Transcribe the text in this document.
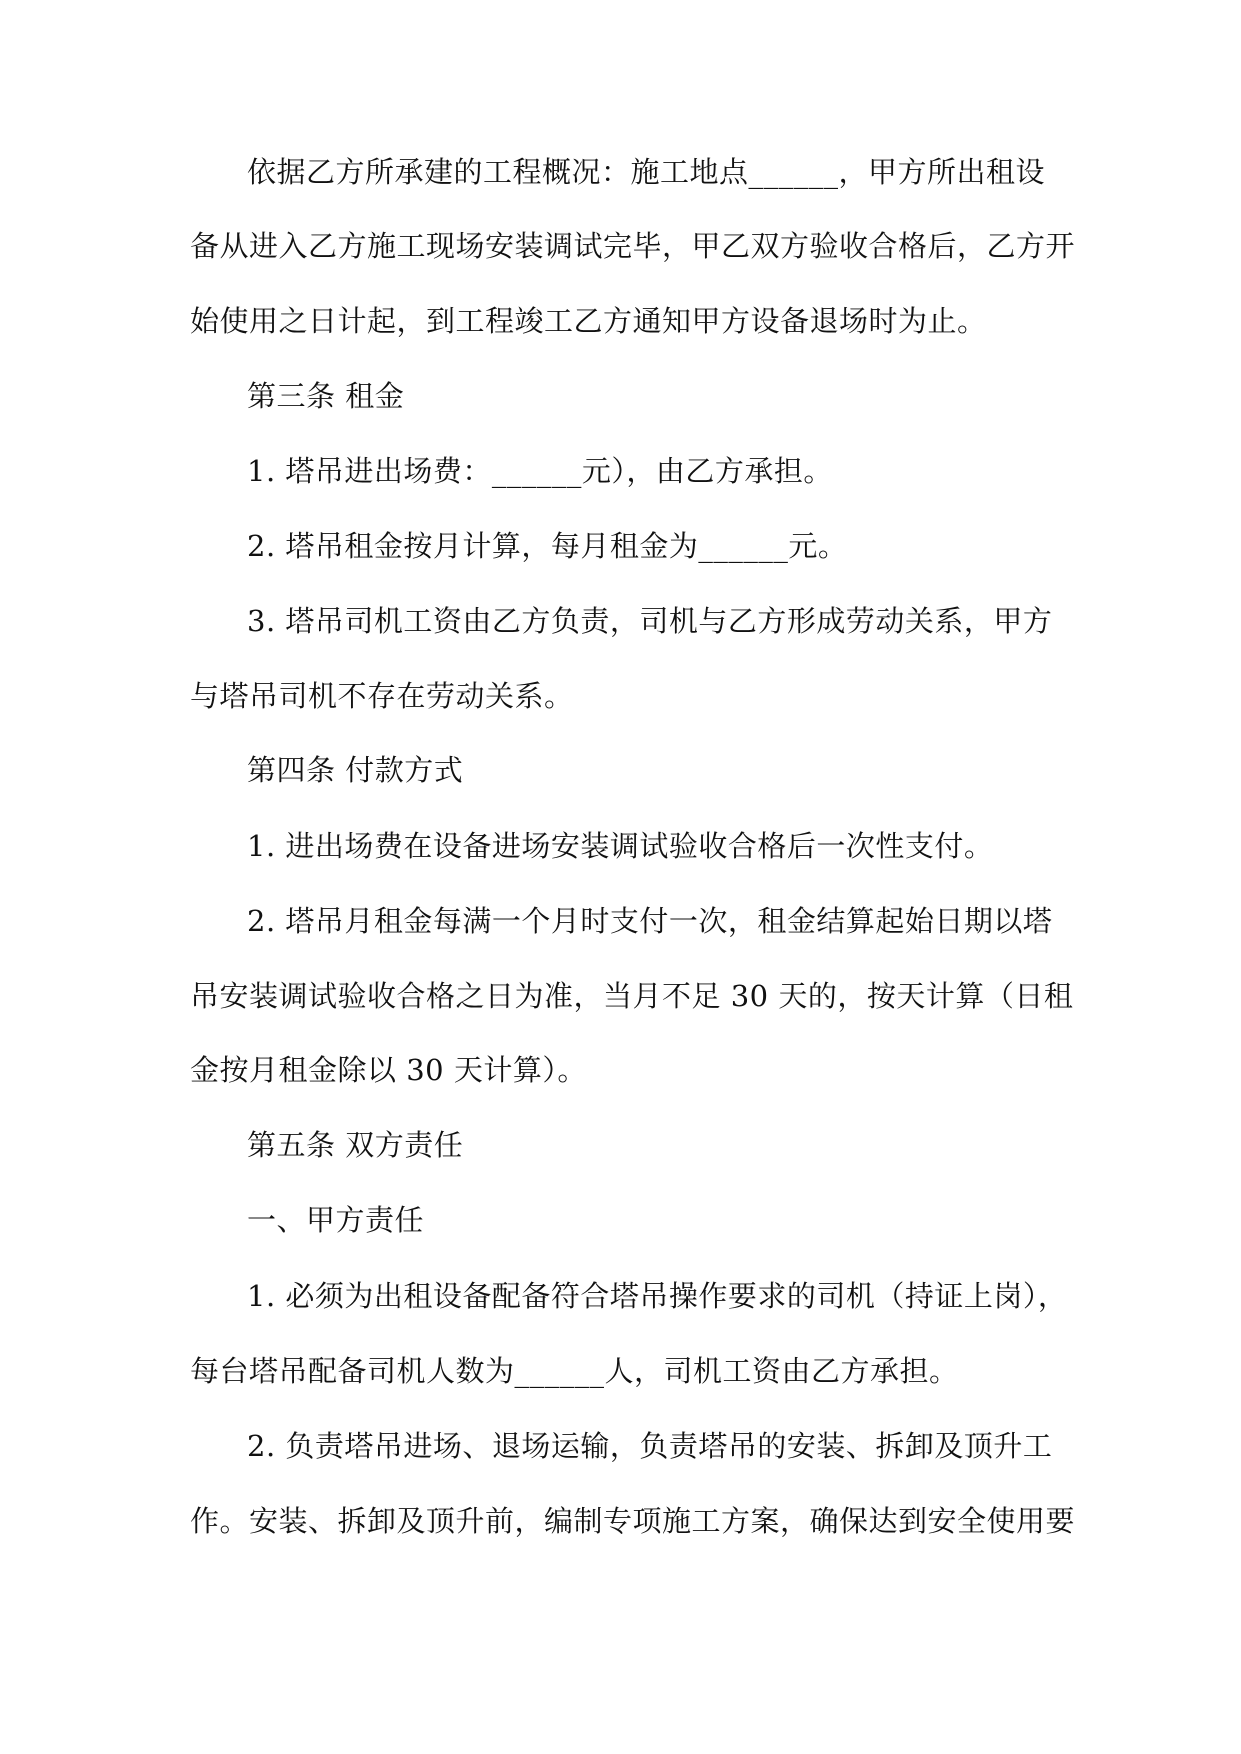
依据乙方所承建的工程概况：施工地点______，甲方所出租设
备从进入乙方施工现场安装调试完毕，甲乙双方验收合格后，乙方开
始使用之日计起，到工程竣工乙方通知甲方设备退场时为止。
第三条 租金
1. 塔吊进出场费：______元），由乙方承担。
2. 塔吊租金按月计算，每月租金为______元。
3. 塔吊司机工资由乙方负责，司机与乙方形成劳动关系，甲方
与塔吊司机不存在劳动关系。
第四条 付款方式
1. 进出场费在设备进场安装调试验收合格后一次性支付。
2. 塔吊月租金每满一个月时支付一次，租金结算起始日期以塔
吊安装调试验收合格之日为准，当月不足 30 天的，按天计算（日租
金按月租金除以 30 天计算）。
第五条 双方责任
一、甲方责任
1. 必须为出租设备配备符合塔吊操作要求的司机（持证上岗），
每台塔吊配备司机人数为______人，司机工资由乙方承担。
2. 负责塔吊进场、退场运输，负责塔吊的安装、拆卸及顶升工
作。安装、拆卸及顶升前，编制专项施工方案，确保达到安全使用要
